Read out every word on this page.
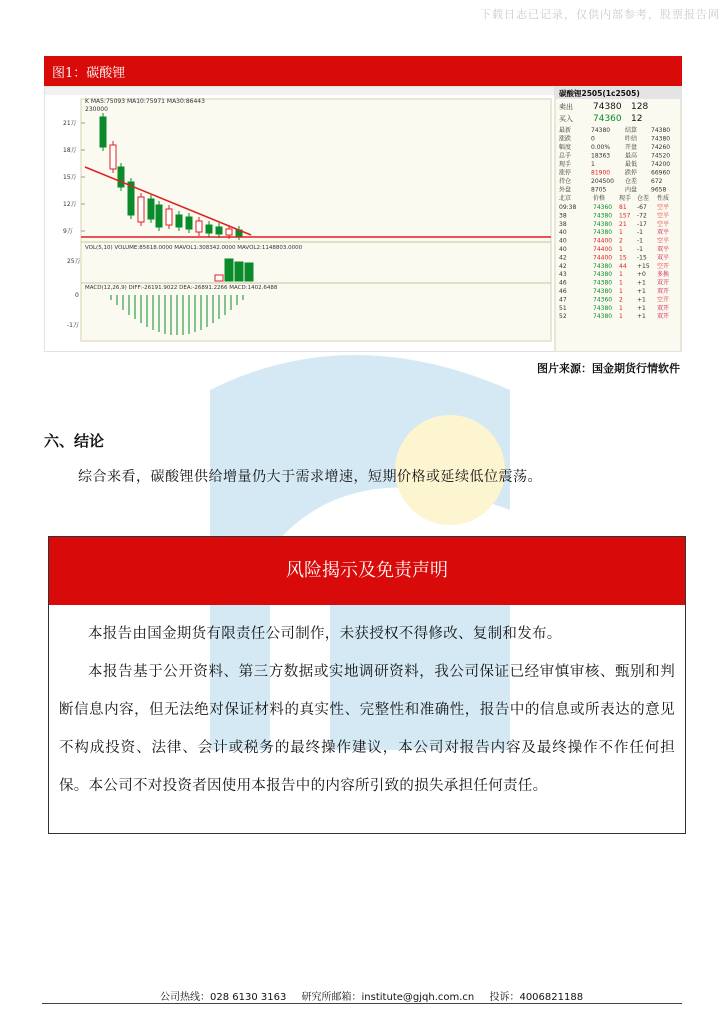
下载日志已记录，仅供内部参考，股票报告网
图1：碳酸锂
21万
18万
15万
12万
9万
K MA5:75093 MA10:75971 MA30:86443
230000
VOL(5,10) VOLUME:85618.0000 MAVOL1:308342.0000 MAVOL2:1148803.0000
25万
MACD(12,26,9) DIFF:-26191.9022 DEA:-26891.2266 MACD:1402.6488
0
-1万
碳酸锂2505(1c2505)
卖出 74380 128
买入 74360 12
最新	74380 结算 74380
涨跌	0	昨结 74380
幅度	0.00% 开盘 74260
总手	18363 最高 74520
现手	1	最低 74200
涨停	81900 跌停 66960
持仓	204500 仓差 672
外盘	8705	内盘 9658
北京	价格 现手 仓差 性质
09:38	74360 81 -67 空平
38	74380 157 -72 空平
38	74380 21 -17 空平
40	74380 1 -1 双平
40	74400 2 -1 空平
40	74400 1 -1 双平
42	74400 15 -15 双平
42	74380 44 +15 空开
43	74380 1 +0 多换
46	74380 1 +1 双开
46	74380 1 +1 双开
47	74360 2 +1 空开
51	74380 1 +1 双开
52	74380 1 +1 双开
图片来源：国金期货行情软件
六、结论
综合来看，碳酸锂供给增量仍大于需求增速，短期价格或延续低位震荡。
风险揭示及免责声明

本报告由国金期货有限责任公司制作，未获授权不得修改、复制和发布。

本报告基于公开资料、第三方数据或实地调研资料，我公司保证已经审慎审核、甄别和判断信息内容，但无法绝对保证材料的真实性、完整性和准确性，报告中的信息或所表达的意见不构成投资、法律、会计或税务的最终操作建议，本公司对报告内容及最终操作不作任何担保。本公司不对投资者因使用本报告中的内容所引致的损失承担任何责任。

公司热线：028 6130 3163 研究所邮箱：institute@gjqh.com.cn 投诉：4006821188
